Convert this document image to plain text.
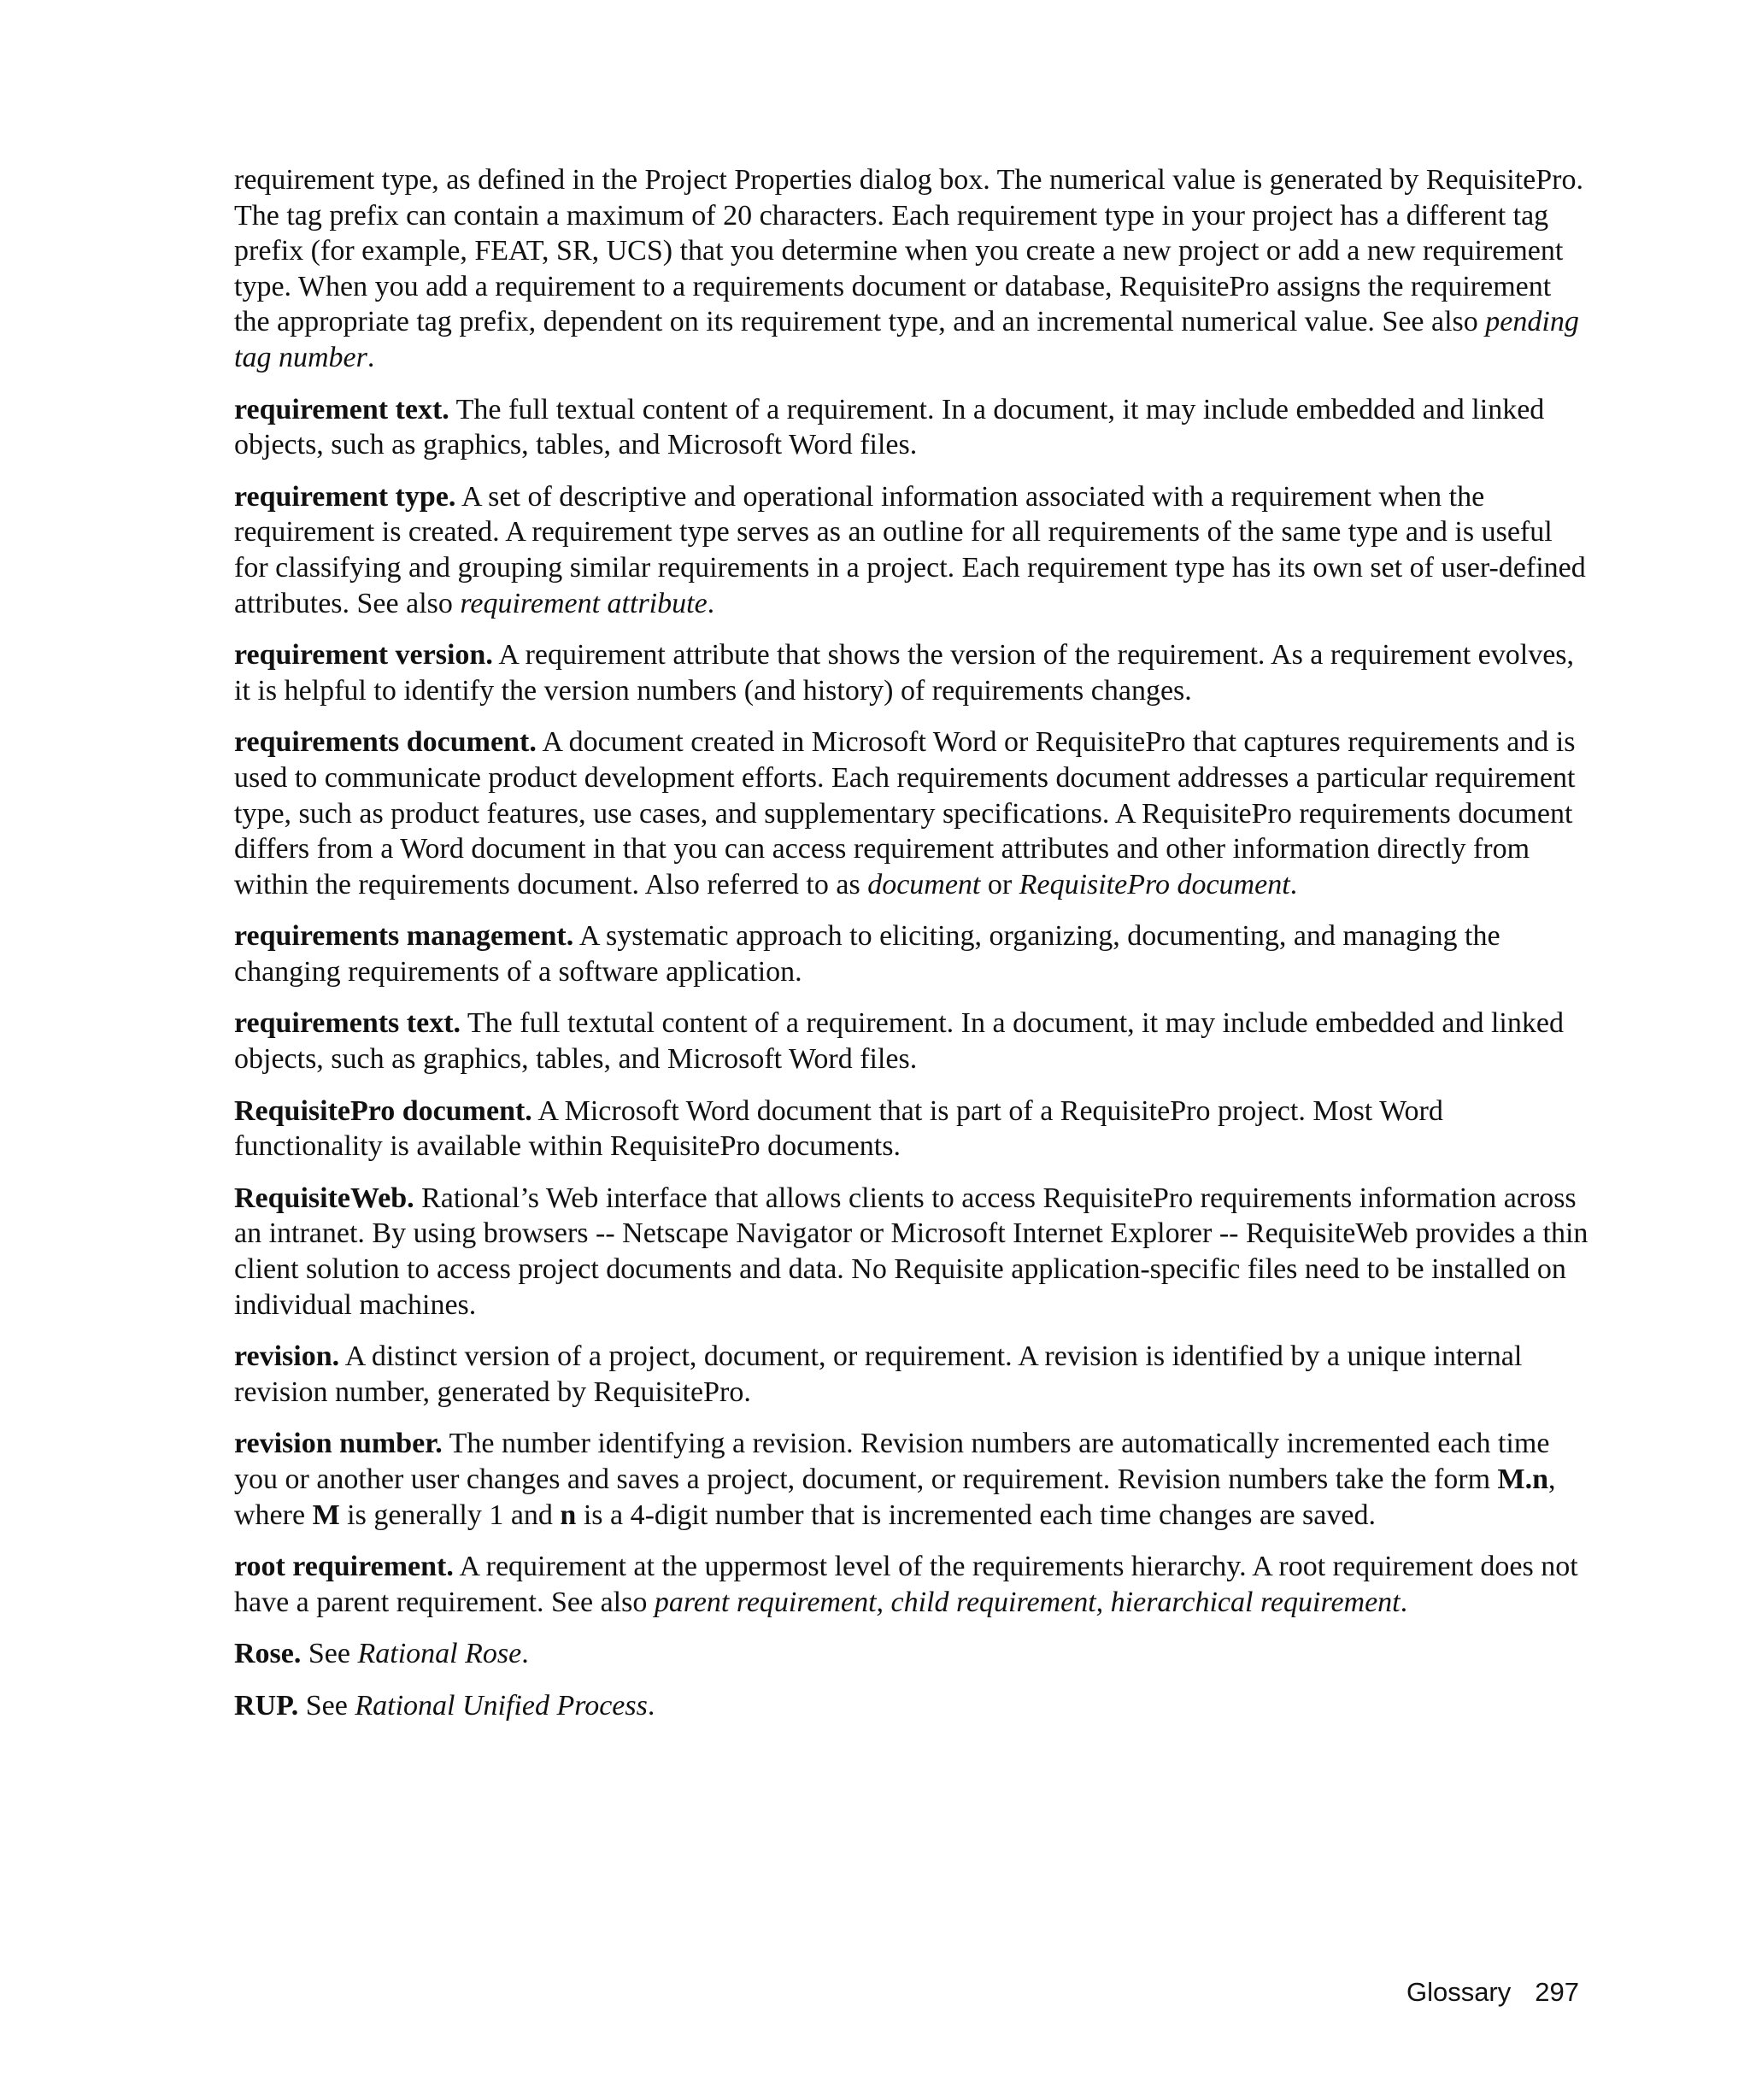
requirement type, as defined in the Project Properties dialog box. The numerical value is generated by RequisitePro. The tag prefix can contain a maximum of 20 characters. Each requirement type in your project has a different tag prefix (for example, FEAT, SR, UCS) that you determine when you create a new project or add a new requirement type. When you add a requirement to a requirements document or database, RequisitePro assigns the requirement the appropriate tag prefix, dependent on its requirement type, and an incremental numerical value. See also pending tag number.

requirement text. The full textual content of a requirement. In a document, it may include embedded and linked objects, such as graphics, tables, and Microsoft Word files.

requirement type. A set of descriptive and operational information associated with a requirement when the requirement is created. A requirement type serves as an outline for all requirements of the same type and is useful for classifying and grouping similar requirements in a project. Each requirement type has its own set of user-defined attributes. See also requirement attribute.

requirement version. A requirement attribute that shows the version of the requirement. As a requirement evolves, it is helpful to identify the version numbers (and history) of requirements changes.

requirements document. A document created in Microsoft Word or RequisitePro that captures requirements and is used to communicate product development efforts. Each requirements document addresses a particular requirement type, such as product features, use cases, and supplementary specifications. A RequisitePro requirements document differs from a Word document in that you can access requirement attributes and other information directly from within the requirements document. Also referred to as document or RequisitePro document.

requirements management. A systematic approach to eliciting, organizing, documenting, and managing the changing requirements of a software application.

requirements text. The full textutal content of a requirement. In a document, it may include embedded and linked objects, such as graphics, tables, and Microsoft Word files.

RequisitePro document. A Microsoft Word document that is part of a RequisitePro project. Most Word functionality is available within RequisitePro documents.

RequisiteWeb. Rational’s Web interface that allows clients to access RequisitePro requirements information across an intranet. By using browsers -- Netscape Navigator or Microsoft Internet Explorer -- RequisiteWeb provides a thin client solution to access project documents and data. No Requisite application-specific files need to be installed on individual machines.

revision. A distinct version of a project, document, or requirement. A revision is identified by a unique internal revision number, generated by RequisitePro.

revision number. The number identifying a revision. Revision numbers are automatically incremented each time you or another user changes and saves a project, document, or requirement. Revision numbers take the form M.n, where M is generally 1 and n is a 4-digit number that is incremented each time changes are saved.

root requirement. A requirement at the uppermost level of the requirements hierarchy. A root requirement does not have a parent requirement. See also parent requirement, child requirement, hierarchical requirement.

Rose. See Rational Rose.

RUP. See Rational Unified Process.

Glossary 297
